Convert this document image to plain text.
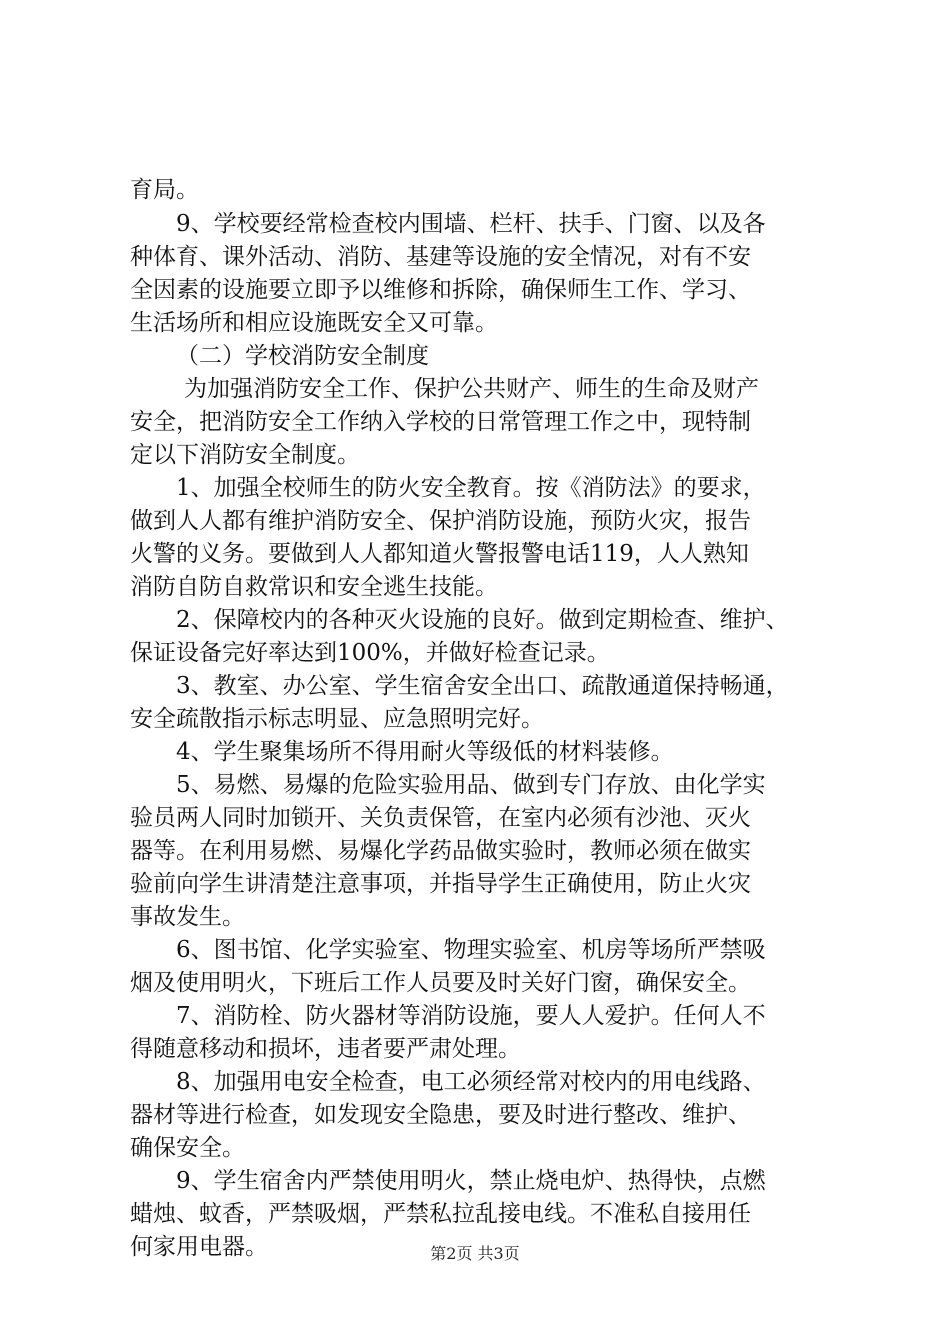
育局。
9、学校要经常检查校内围墙、栏杆、扶手、门窗、以及各
种体育、课外活动、消防、基建等设施的安全情况，对有不安
全因素的设施要立即予以维修和拆除，确保师生工作、学习、
生活场所和相应设施既安全又可靠。
（二）学校消防安全制度
为加强消防安全工作、保护公共财产、师生的生命及财产
安全，把消防安全工作纳入学校的日常管理工作之中，现特制
定以下消防安全制度。
1、加强全校师生的防火安全教育。按《消防法》的要求，
做到人人都有维护消防安全、保护消防设施，预防火灾，报告
火警的义务。要做到人人都知道火警报警电话119，人人熟知
消防自防自救常识和安全逃生技能。
2、保障校内的各种灭火设施的良好。做到定期检查、维护、
保证设备完好率达到100%，并做好检查记录。
3、教室、办公室、学生宿舍安全出口、疏散通道保持畅通，
安全疏散指示标志明显、应急照明完好。
4、学生聚集场所不得用耐火等级低的材料装修。
5、易燃、易爆的危险实验用品、做到专门存放、由化学实
验员两人同时加锁开、关负责保管，在室内必须有沙池、灭火
器等。在利用易燃、易爆化学药品做实验时，教师必须在做实
验前向学生讲清楚注意事项，并指导学生正确使用，防止火灾
事故发生。
6、图书馆、化学实验室、物理实验室、机房等场所严禁吸
烟及使用明火，下班后工作人员要及时关好门窗，确保安全。
7、消防栓、防火器材等消防设施，要人人爱护。任何人不
得随意移动和损坏，违者要严肃处理。
8、加强用电安全检查，电工必须经常对校内的用电线路、
器材等进行检查，如发现安全隐患，要及时进行整改、维护、
确保安全。
9、学生宿舍内严禁使用明火，禁止烧电炉、热得快，点燃
蜡烛、蚊香，严禁吸烟，严禁私拉乱接电线。不准私自接用任
何家用电器。	第2页 共3页
